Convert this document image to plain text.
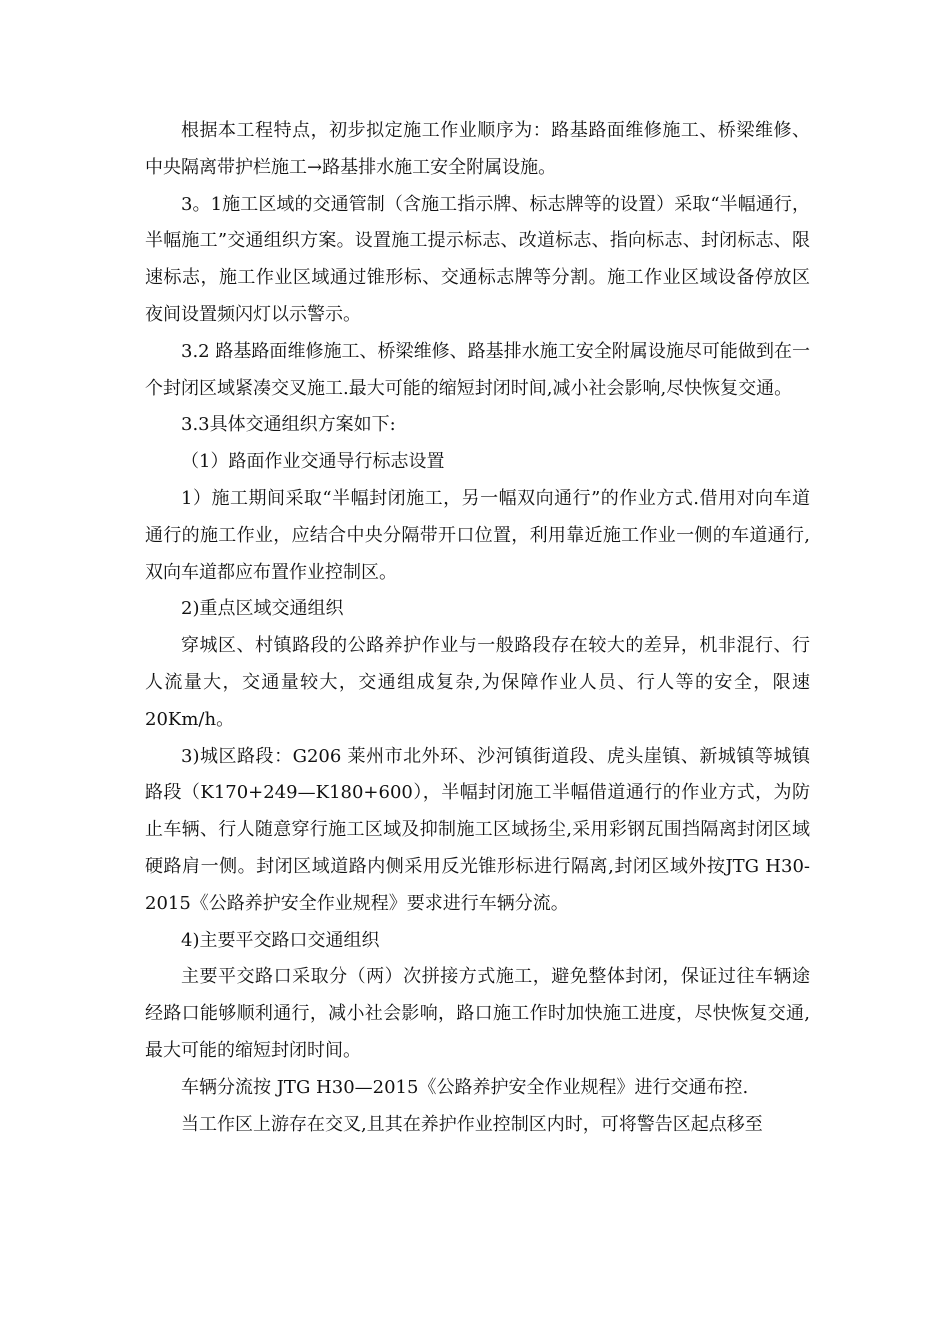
根据本工程特点，初步拟定施工作业顺序为：路基路面维修施工、桥梁维修、中央隔离带护栏施工→路基排水施工安全附属设施。

3。1施工区域的交通管制（含施工指示牌、标志牌等的设置）采取“半幅通行，半幅施工”交通组织方案。设置施工提示标志、改道标志、指向标志、封闭标志、限速标志，施工作业区域通过锥形标、交通标志牌等分割。施工作业区域设备停放区夜间设置频闪灯以示警示。

3.2 路基路面维修施工、桥梁维修、路基排水施工安全附属设施尽可能做到在一个封闭区域紧凑交叉施工.最大可能的缩短封闭时间,减小社会影响,尽快恢复交通。

3.3具体交通组织方案如下:

（1）路面作业交通导行标志设置

1）施工期间采取“半幅封闭施工，另一幅双向通行”的作业方式.借用对向车道通行的施工作业，应结合中央分隔带开口位置，利用靠近施工作业一侧的车道通行,双向车道都应布置作业控制区。

2)重点区域交通组织

穿城区、村镇路段的公路养护作业与一般路段存在较大的差异，机非混行、行人流量大，交通量较大，交通组成复杂,为保障作业人员、行人等的安全，限速20Km/h。

3)城区路段：G206 莱州市北外环、沙河镇街道段、虎头崖镇、新城镇等城镇路段（K170+249—K180+600），半幅封闭施工半幅借道通行的作业方式，为防止车辆、行人随意穿行施工区域及抑制施工区域扬尘,采用彩钢瓦围挡隔离封闭区域硬路肩一侧。封闭区域道路内侧采用反光锥形标进行隔离,封闭区域外按JTG H30-2015《公路养护安全作业规程》要求进行车辆分流。

4)主要平交路口交通组织

主要平交路口采取分（两）次拼接方式施工，避免整体封闭，保证过往车辆途经路口能够顺利通行，减小社会影响，路口施工作时加快施工进度，尽快恢复交通,最大可能的缩短封闭时间。

车辆分流按 JTG H30—2015《公路养护安全作业规程》进行交通布控.

当工作区上游存在交叉,且其在养护作业控制区内时，可将警告区起点移至
